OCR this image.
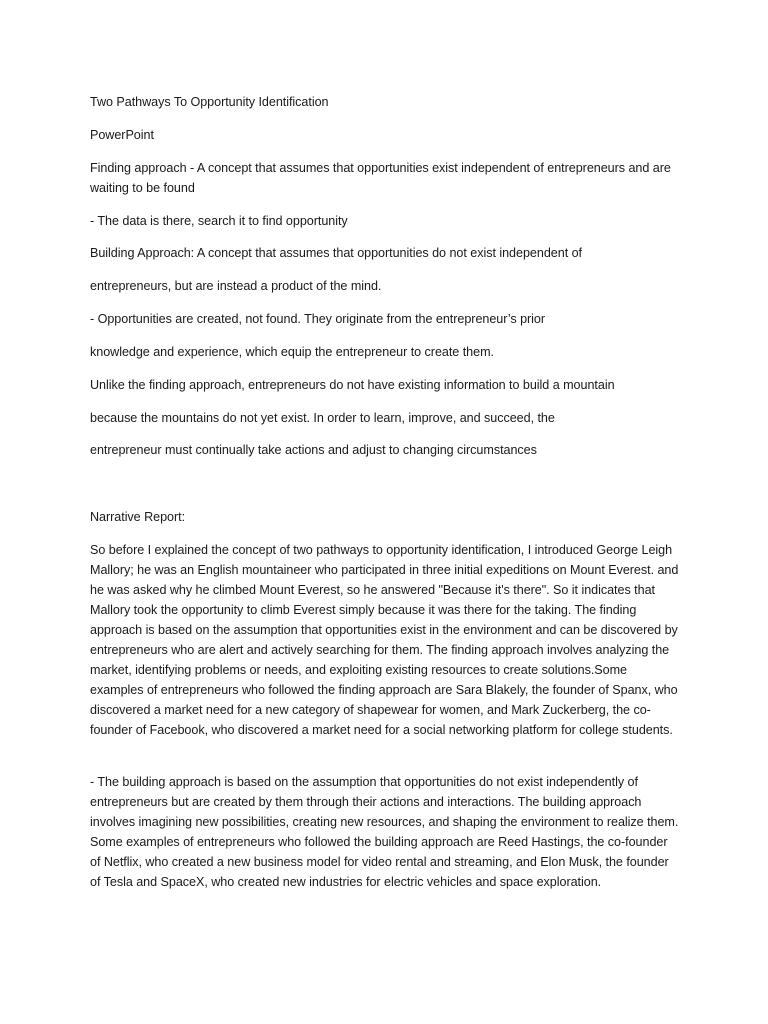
Two Pathways To Opportunity Identification

PowerPoint

Finding approach - A concept that assumes that opportunities exist independent of entrepreneurs and are waiting to be found

- The data is there, search it to find opportunity

Building Approach: A concept that assumes that opportunities do not exist independent of

entrepreneurs, but are instead a product of the mind.

- Opportunities are created, not found. They originate from the entrepreneur’s prior

knowledge and experience, which equip the entrepreneur to create them.

Unlike the finding approach, entrepreneurs do not have existing information to build a mountain

because the mountains do not yet exist. In order to learn, improve, and succeed, the

entrepreneur must continually take actions and adjust to changing circumstances

Narrative Report:

So before I explained the concept of two pathways to opportunity identification, I introduced George Leigh Mallory; he was an English mountaineer who participated in three initial expeditions on Mount Everest. and he was asked why he climbed Mount Everest, so he answered "Because it's there". So it indicates that Mallory took the opportunity to climb Everest simply because it was there for the taking. The finding approach is based on the assumption that opportunities exist in the environment and can be discovered by entrepreneurs who are alert and actively searching for them. The finding approach involves analyzing the market, identifying problems or needs, and exploiting existing resources to create solutions.Some examples of entrepreneurs who followed the finding approach are Sara Blakely, the founder of Spanx, who discovered a market need for a new category of shapewear for women, and Mark Zuckerberg, the co-founder of Facebook, who discovered a market need for a social networking platform for college students.

- The building approach is based on the assumption that opportunities do not exist independently of entrepreneurs but are created by them through their actions and interactions. The building approach involves imagining new possibilities, creating new resources, and shaping the environment to realize them. Some examples of entrepreneurs who followed the building approach are Reed Hastings, the co-founder of Netflix, who created a new business model for video rental and streaming, and Elon Musk, the founder of Tesla and SpaceX, who created new industries for electric vehicles and space exploration.
